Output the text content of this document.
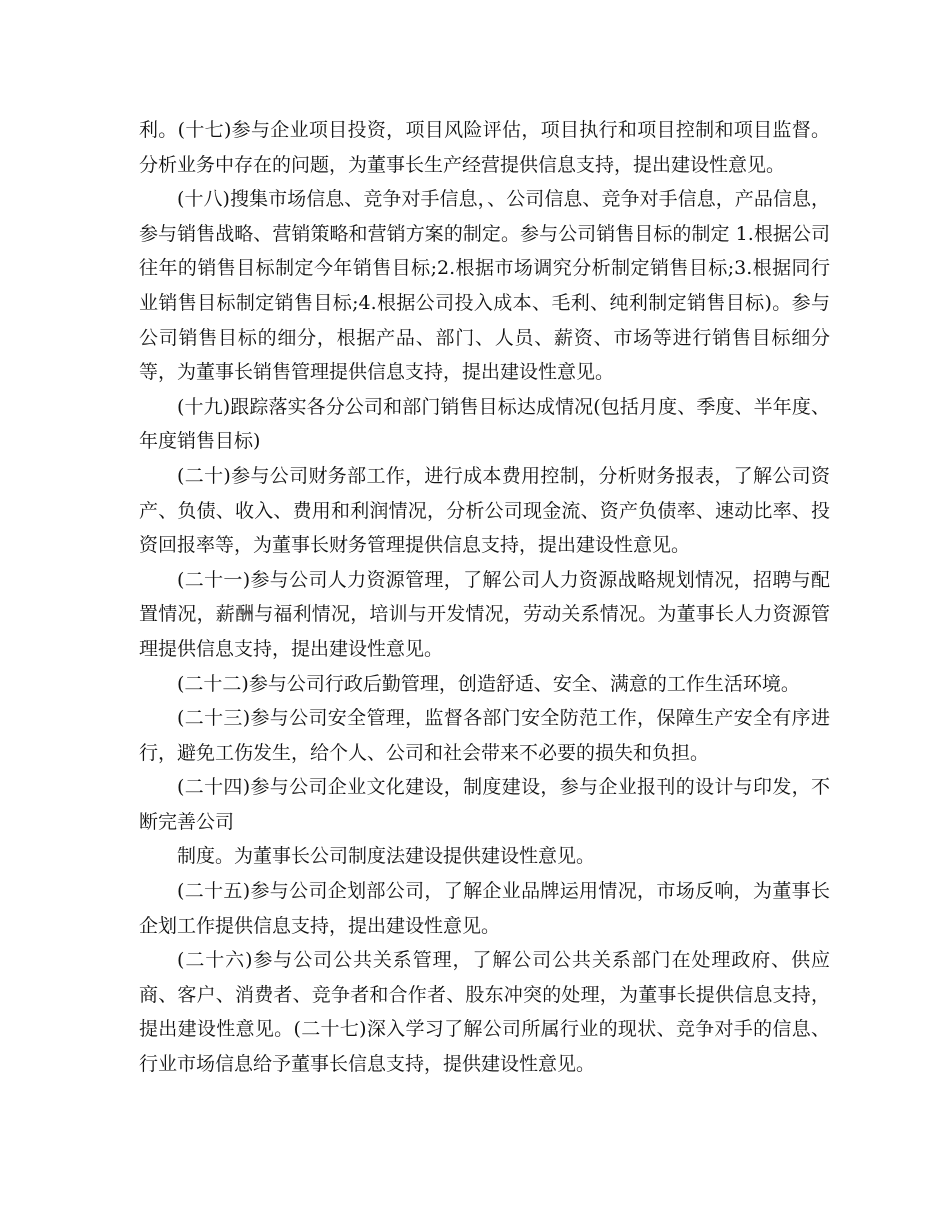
利。(十七)参与企业项目投资，项目风险评估，项目执行和项目控制和项目监督。分析业务中存在的问题，为董事长生产经营提供信息支持，提出建设性意见。

(十八)搜集市场信息、竞争对手信息，、公司信息、竞争对手信息，产品信息，参与销售战略、营销策略和营销方案的制定。参与公司销售目标的制定 1.根据公司往年的销售目标制定今年销售目标;2.根据市场调究分析制定销售目标;3.根据同行业销售目标制定销售目标;4.根据公司投入成本、毛利、纯利制定销售目标)。参与公司销售目标的细分，根据产品、部门、人员、薪资、市场等进行销售目标细分等，为董事长销售管理提供信息支持，提出建设性意见。

(十九)跟踪落实各分公司和部门销售目标达成情况(包括月度、季度、半年度、年度销售目标)

(二十)参与公司财务部工作，进行成本费用控制，分析财务报表，了解公司资产、负债、收入、费用和利润情况，分析公司现金流、资产负债率、速动比率、投资回报率等，为董事长财务管理提供信息支持，提出建设性意见。

(二十一)参与公司人力资源管理，了解公司人力资源战略规划情况，招聘与配置情况，薪酬与福利情况，培训与开发情况，劳动关系情况。为董事长人力资源管理提供信息支持，提出建设性意见。

(二十二)参与公司行政后勤管理，创造舒适、安全、满意的工作生活环境。

(二十三)参与公司安全管理，监督各部门安全防范工作，保障生产安全有序进行，避免工伤发生，给个人、公司和社会带来不必要的损失和负担。

(二十四)参与公司企业文化建设，制度建设，参与企业报刊的设计与印发，不断完善公司

制度。为董事长公司制度法建设提供建设性意见。

(二十五)参与公司企划部公司，了解企业品牌运用情况，市场反响，为董事长企划工作提供信息支持，提出建设性意见。

(二十六)参与公司公共关系管理，了解公司公共关系部门在处理政府、供应商、客户、消费者、竞争者和合作者、股东冲突的处理，为董事长提供信息支持，提出建设性意见。(二十七)深入学习了解公司所属行业的现状、竞争对手的信息、行业市场信息给予董事长信息支持，提供建设性意见。
